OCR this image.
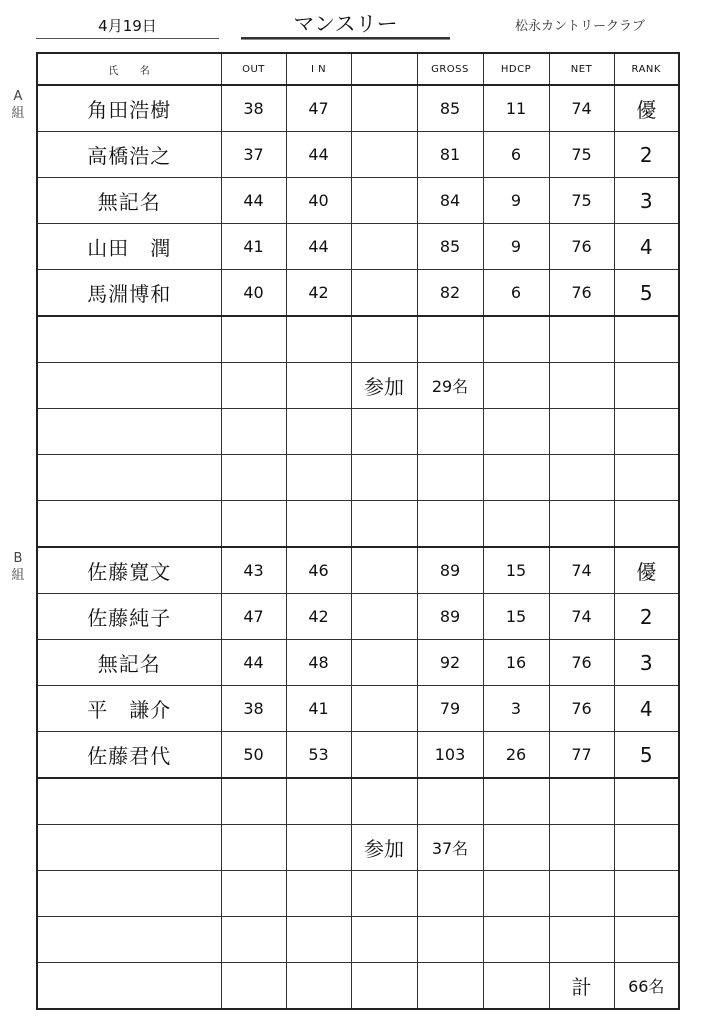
4月19日	マンスリー	松永カントリークラブ
A
組
B
組
氏　　名	OUT	I N		GROSS	HDCP	NET	RANK
角田浩樹	38	47		85	11	74	優
高橋浩之	37	44		81	6	75	2
無記名	44	40		84	9	75	3
山田　潤	41	44		85	9	76	4
馬淵博和	40	42		82	6	76	5

			参加	29名			

佐藤寛文	43	46		89	15	74	優
佐藤純子	47	42		89	15	74	2
無記名	44	48		92	16	76	3
平　謙介	38	41		79	3	76	4
佐藤君代	50	53		103	26	77	5

			参加	37名			

						計	66名
